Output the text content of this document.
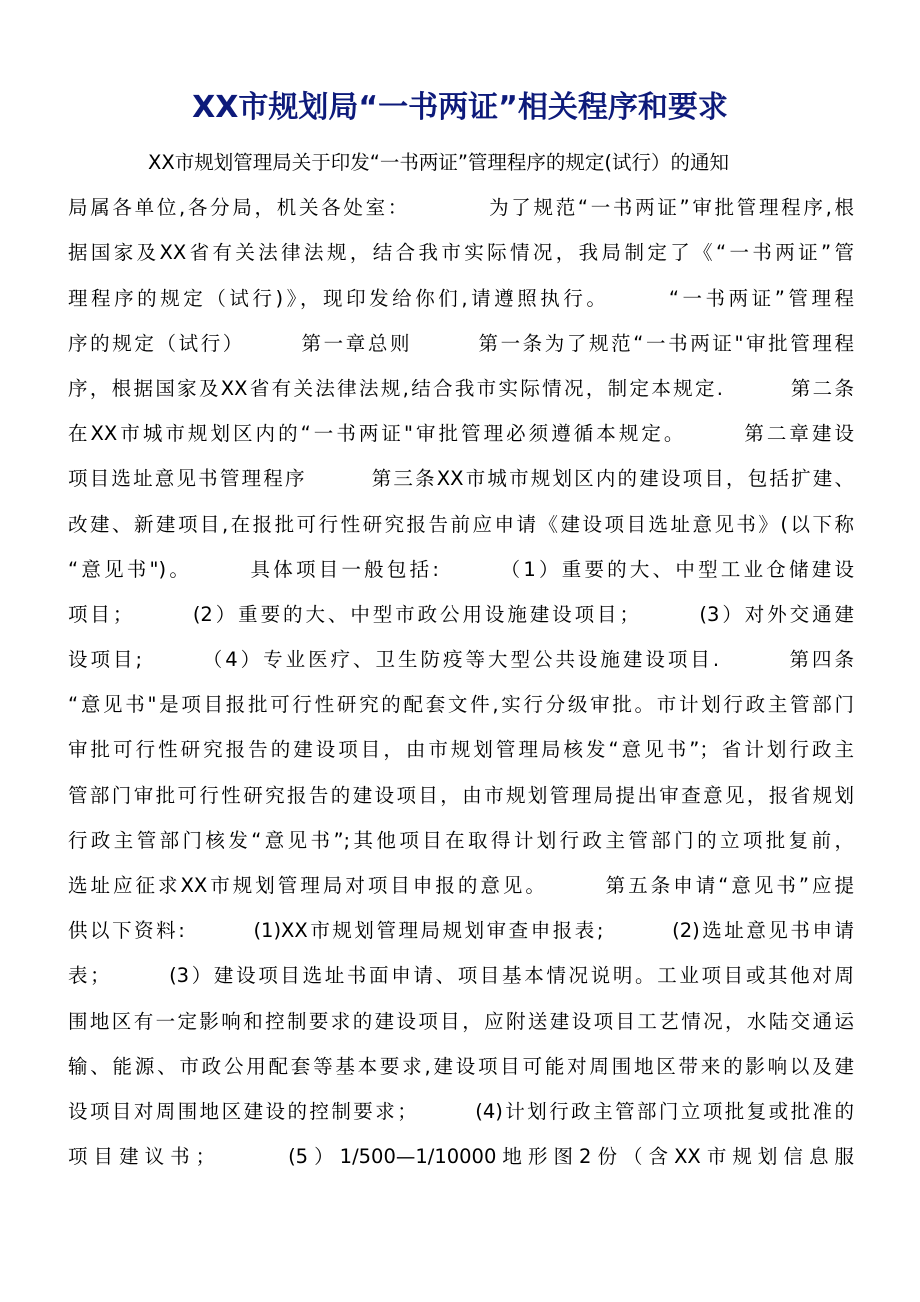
XX市规划局“一书两证”相关程序和要求
XX市规划管理局关于印发“一书两证”管理程序的规定(试行）的通知
局属各单位,各分局，机关各处室：　　　　为了规范“一书两证”审批管理程序,根
据国家及XX省有关法律法规，结合我市实际情况，我局制定了《“一书两证”管
理程序的规定（试行)》，现印发给你们,请遵照执行。　　　“一书两证”管理程
序的规定（试行）　　　第一章总则　　　第一条为了规范“一书两证"审批管理程
序，根据国家及XX省有关法律法规,结合我市实际情况，制定本规定.　　　第二条
在XX市城市规划区内的“一书两证"审批管理必须遵循本规定。　　　第二章建设
项目选址意见书管理程序　　　第三条XX市城市规划区内的建设项目，包括扩建、
改建、新建项目,在报批可行性研究报告前应申请《建设项目选址意见书》(以下称
“意见书")。　　　具体项目一般包括:　　　（1）重要的大、中型工业仓储建设
项目；　　　(2）重要的大、中型市政公用设施建设项目；　　　(3）对外交通建
设项目;　　　（4）专业医疗、卫生防疫等大型公共设施建设项目.　　　第四条
“意见书"是项目报批可行性研究的配套文件,实行分级审批。市计划行政主管部门
审批可行性研究报告的建设项目，由市规划管理局核发“意见书”；省计划行政主
管部门审批可行性研究报告的建设项目，由市规划管理局提出审查意见，报省规划
行政主管部门核发“意见书”;其他项目在取得计划行政主管部门的立项批复前，
选址应征求XX市规划管理局对项目申报的意见。　　　第五条申请“意见书”应提
供以下资料:　　　(1)XX市规划管理局规划审查申报表;　　　(2)选址意见书申请
表；　　　(3）建设项目选址书面申请、项目基本情况说明。工业项目或其他对周
围地区有一定影响和控制要求的建设项目，应附送建设项目工艺情况，水陆交通运
输、能源、市政公用配套等基本要求,建设项目可能对周围地区带来的影响以及建
设项目对周围地区建设的控制要求；　　　(4)计划行政主管部门立项批复或批准的
项目建议书；　　　(5）1/500—1/10000地形图2份（含XX市规划信息服
